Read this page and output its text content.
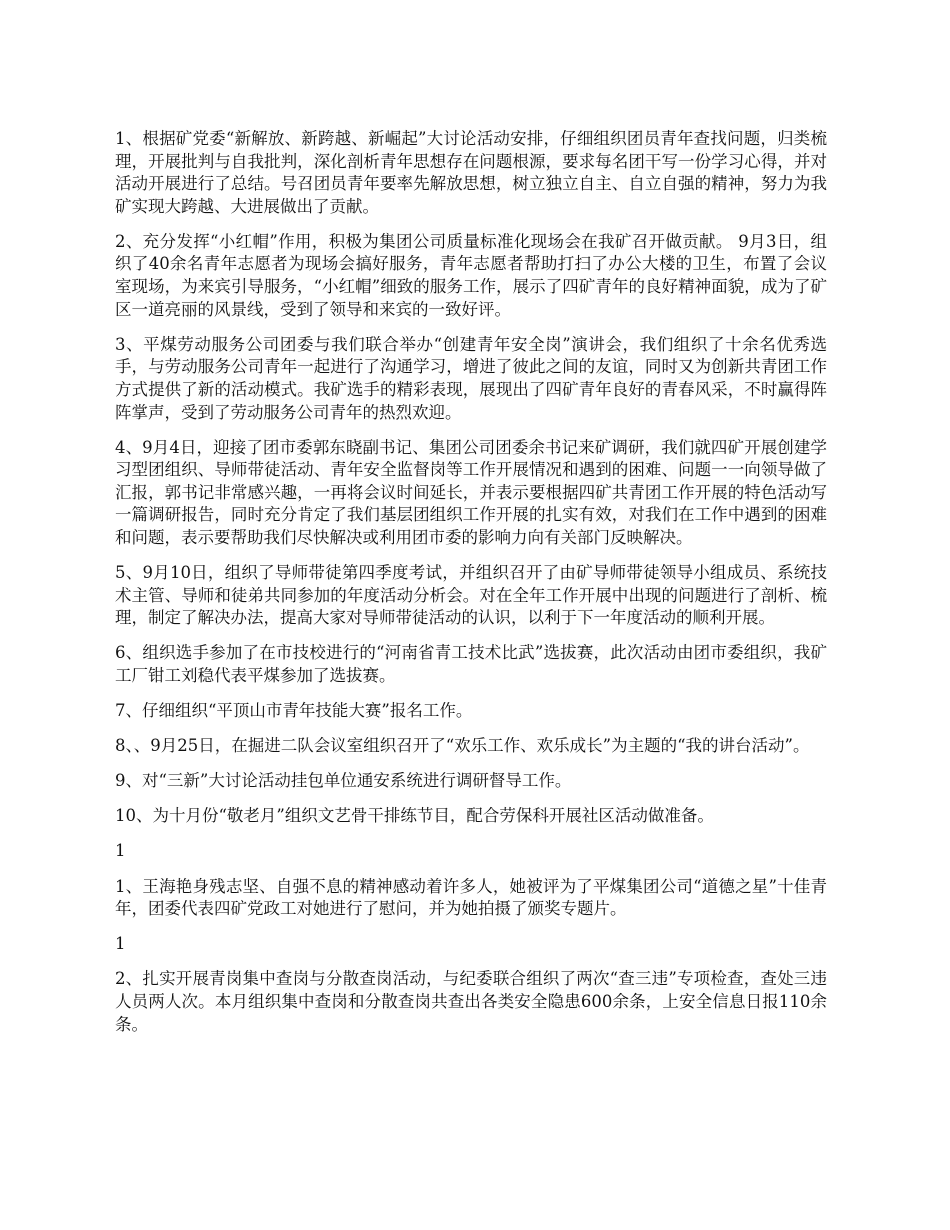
1、根据矿党委“新解放、新跨越、新崛起”大讨论活动安排，仔细组织团员青年查找问题，归类梳理，开展批判与自我批判，深化剖析青年思想存在问题根源，要求每名团干写一份学习心得，并对活动开展进行了总结。号召团员青年要率先解放思想，树立独立自主、自立自强的精神，努力为我矿实现大跨越、大进展做出了贡献。

2、充分发挥“小红帽”作用，积极为集团公司质量标准化现场会在我矿召开做贡献。 9月3日，组织了40余名青年志愿者为现场会搞好服务，青年志愿者帮助打扫了办公大楼的卫生，布置了会议室现场，为来宾引导服务，“小红帽”细致的服务工作，展示了四矿青年的良好精神面貌，成为了矿区一道亮丽的风景线，受到了领导和来宾的一致好评。

3、平煤劳动服务公司团委与我们联合举办“创建青年安全岗”演讲会，我们组织了十余名优秀选手，与劳动服务公司青年一起进行了沟通学习，增进了彼此之间的友谊，同时又为创新共青团工作方式提供了新的活动模式。我矿选手的精彩表现，展现出了四矿青年良好的青春风采，不时赢得阵阵掌声，受到了劳动服务公司青年的热烈欢迎。

4、9月4日，迎接了团市委郭东晓副书记、集团公司团委余书记来矿调研，我们就四矿开展创建学习型团组织、导师带徒活动、青年安全监督岗等工作开展情况和遇到的困难、问题一一向领导做了汇报，郭书记非常感兴趣，一再将会议时间延长，并表示要根据四矿共青团工作开展的特色活动写一篇调研报告，同时充分肯定了我们基层团组织工作开展的扎实有效，对我们在工作中遇到的困难和问题，表示要帮助我们尽快解决或利用团市委的影响力向有关部门反映解决。

5、9月10日，组织了导师带徒第四季度考试，并组织召开了由矿导师带徒领导小组成员、系统技术主管、导师和徒弟共同参加的年度活动分析会。对在全年工作开展中出现的问题进行了剖析、梳理，制定了解决办法，提高大家对导师带徒活动的认识，以利于下一年度活动的顺利开展。

6、组织选手参加了在市技校进行的“河南省青工技术比武”选拔赛，此次活动由团市委组织，我矿工厂钳工刘稳代表平煤参加了选拔赛。

7、仔细组织“平顶山市青年技能大赛”报名工作。

8、、9月25日，在掘进二队会议室组织召开了“欢乐工作、欢乐成长”为主题的“我的讲台活动”。

9、对“三新”大讨论活动挂包单位通安系统进行调研督导工作。

10、为十月份“敬老月”组织文艺骨干排练节目，配合劳保科开展社区活动做准备。

1

1、王海艳身残志坚、自强不息的精神感动着许多人，她被评为了平煤集团公司“道德之星”十佳青年，团委代表四矿党政工对她进行了慰问，并为她拍摄了颁奖专题片。

1

2、扎实开展青岗集中查岗与分散查岗活动，与纪委联合组织了两次“查三违”专项检查，查处三违人员两人次。本月组织集中查岗和分散查岗共查出各类安全隐患600余条，上安全信息日报110余条。
